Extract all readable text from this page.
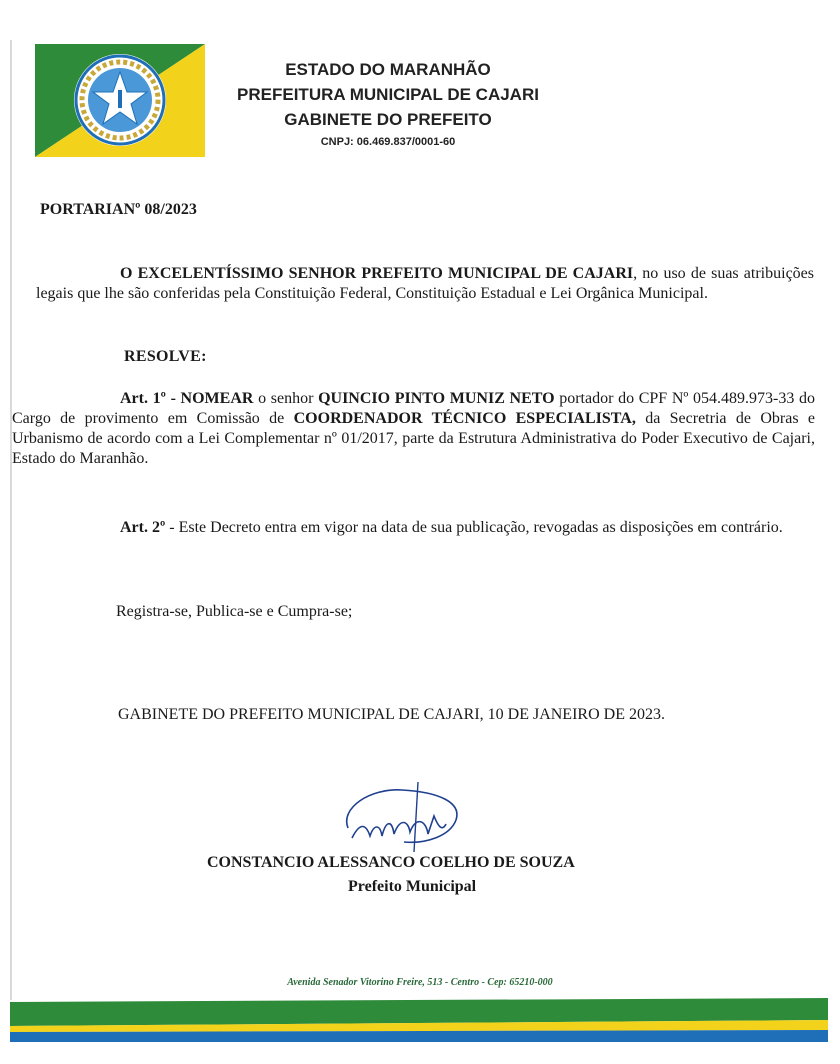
ESTADO DO MARANHÃO
PREFEITURA MUNICIPAL DE CAJARI
GABINETE DO PREFEITO
CNPJ: 06.469.837/0001-60
PORTARIANº 08/2023
O EXCELENTÍSSIMO SENHOR PREFEITO MUNICIPAL DE CAJARI, no uso de suas atribuições legais que lhe são conferidas pela Constituição Federal, Constituição Estadual e Lei Orgânica Municipal.
RESOLVE:
Art. 1º - NOMEAR o senhor QUINCIO PINTO MUNIZ NETO portador do CPF Nº 054.489.973-33 do Cargo de provimento em Comissão de COORDENADOR TÉCNICO ESPECIALISTA, da Secretria de Obras e Urbanismo de acordo com a Lei Complementar nº 01/2017, parte da Estrutura Administrativa do Poder Executivo de Cajari, Estado do Maranhão.
Art. 2º - Este Decreto entra em vigor na data de sua publicação, revogadas as disposições em contrário.
Registra-se, Publica-se e Cumpra-se;
GABINETE DO PREFEITO MUNICIPAL DE CAJARI, 10 DE JANEIRO DE 2023.
CONSTANCIO ALESSANCO COELHO DE SOUZA
Prefeito Municipal
Avenida Senador Vitorino Freire, 513 - Centro - Cep: 65210-000
